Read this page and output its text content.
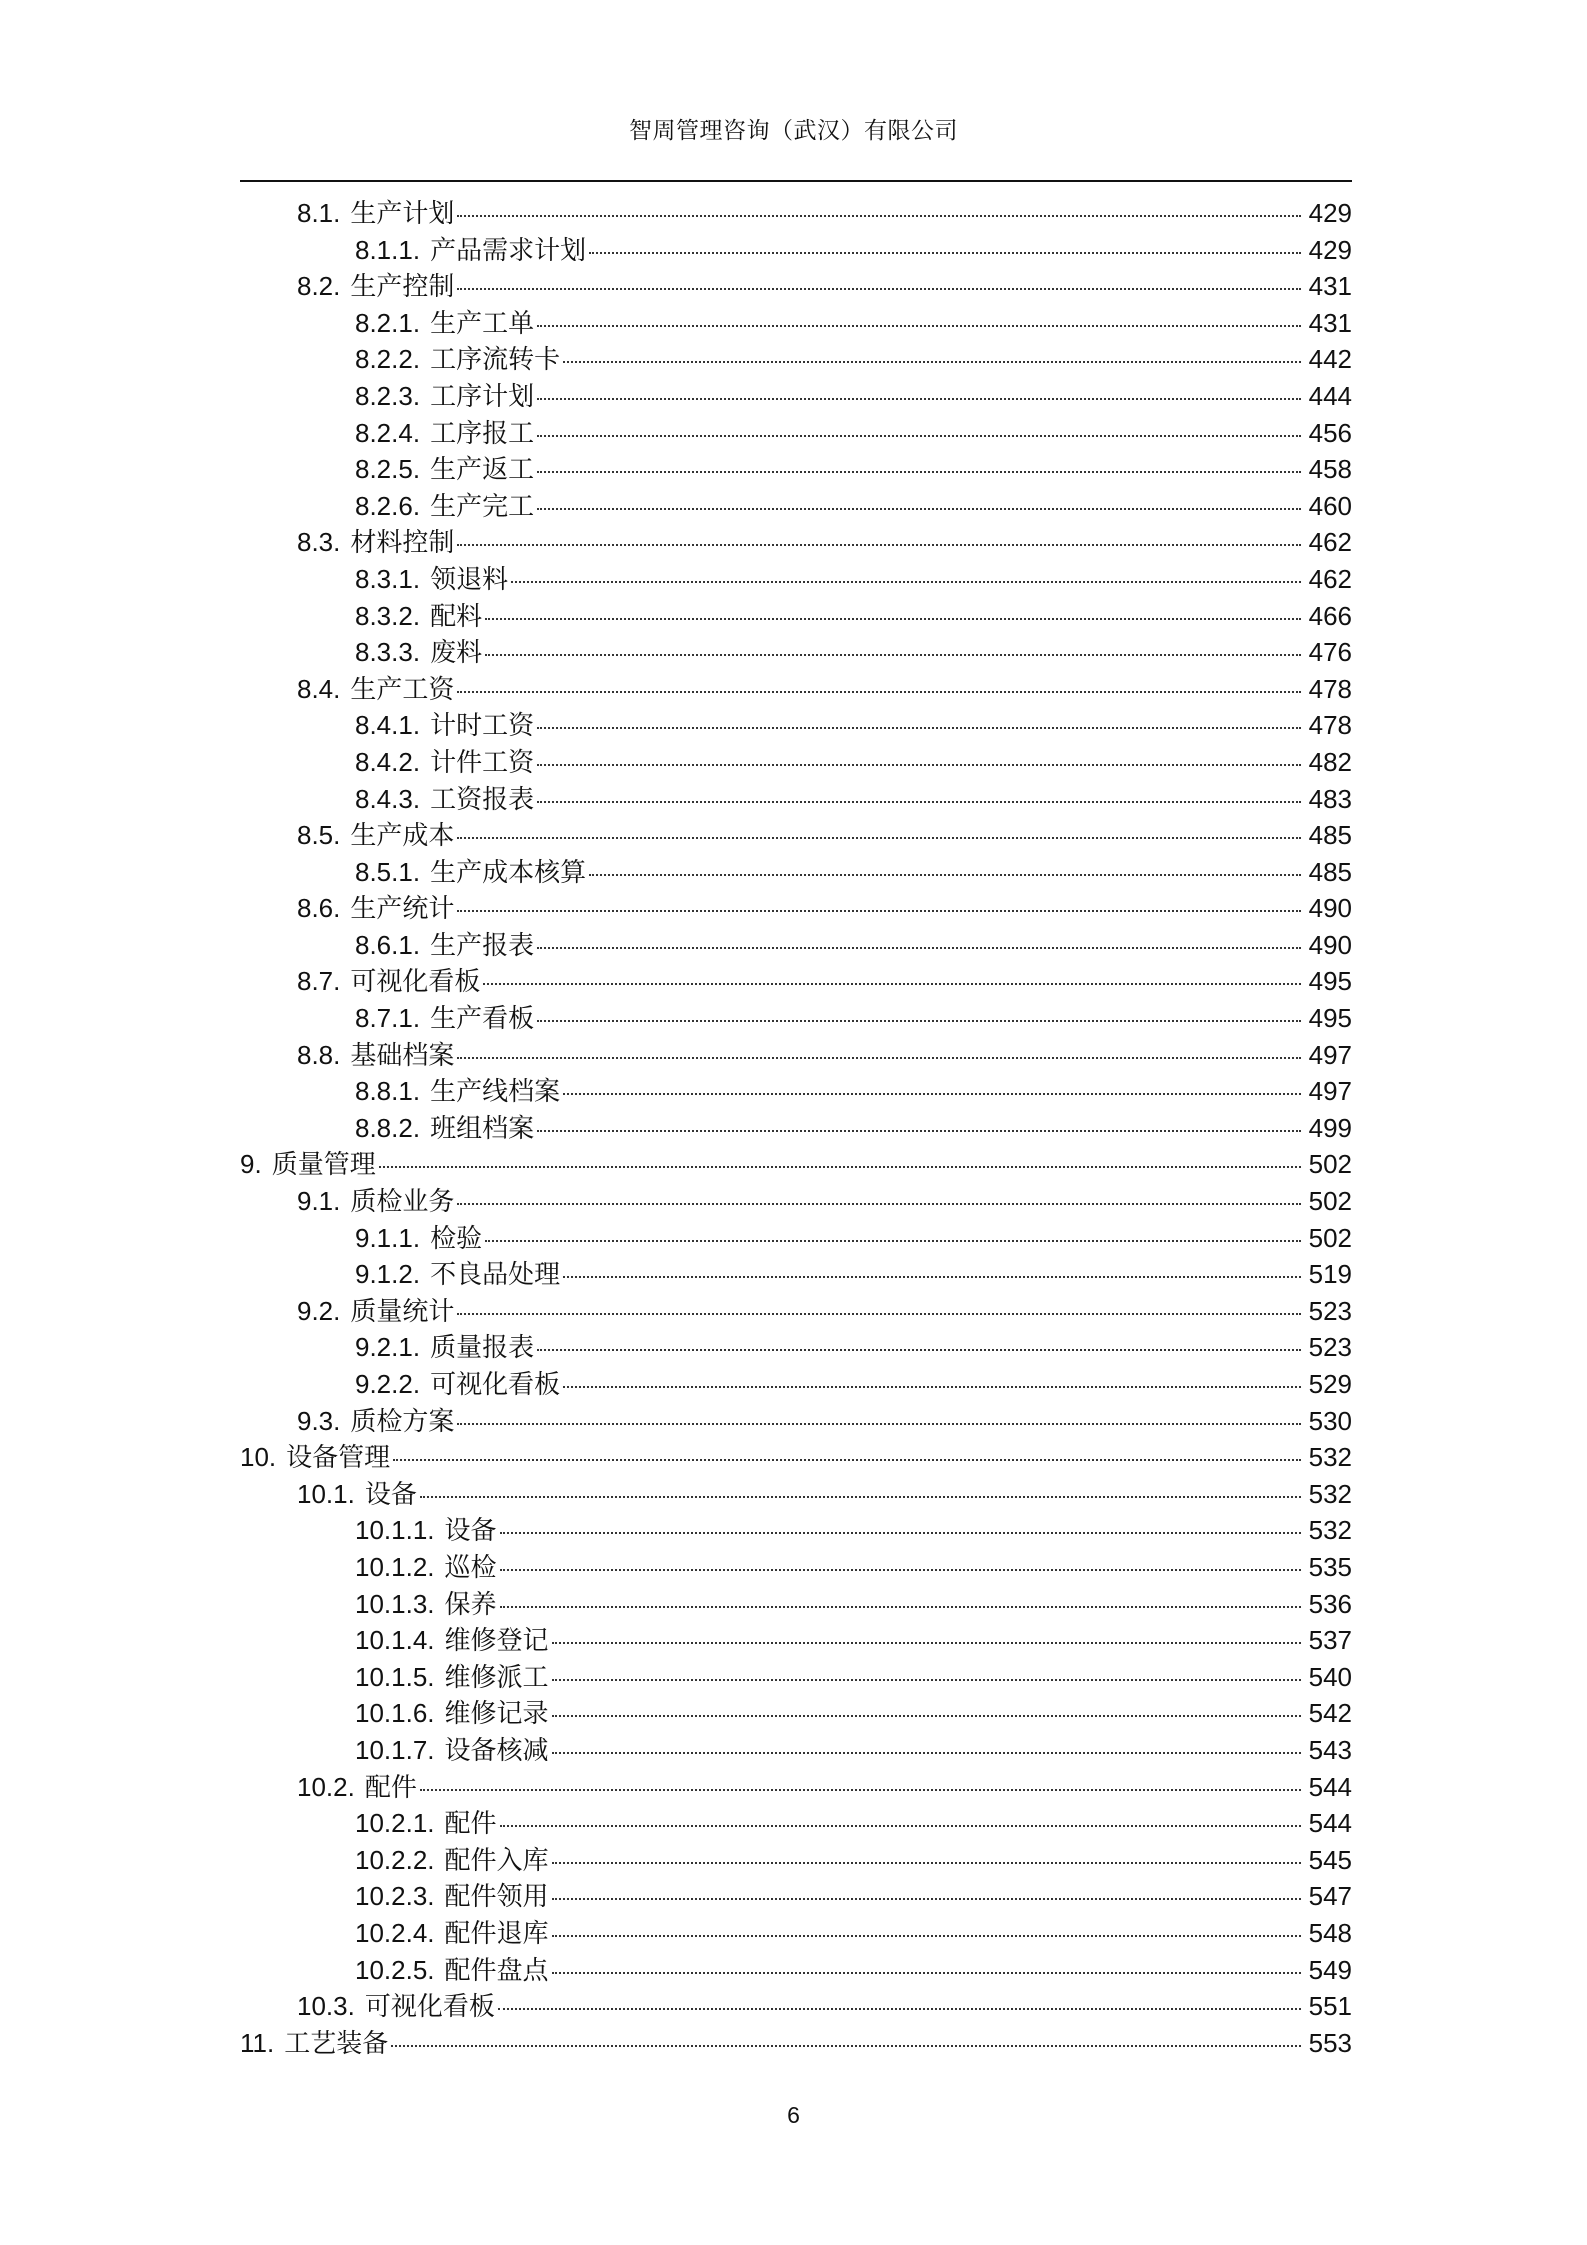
智周管理咨询（武汉）有限公司
8.1. 生产计划	429
8.1.1. 产品需求计划	429
8.2. 生产控制	431
8.2.1. 生产工单	431
8.2.2. 工序流转卡	442
8.2.3. 工序计划	444
8.2.4. 工序报工	456
8.2.5. 生产返工	458
8.2.6. 生产完工	460
8.3. 材料控制	462
8.3.1. 领退料	462
8.3.2. 配料	466
8.3.3. 废料	476
8.4. 生产工资	478
8.4.1. 计时工资	478
8.4.2. 计件工资	482
8.4.3. 工资报表	483
8.5. 生产成本	485
8.5.1. 生产成本核算	485
8.6. 生产统计	490
8.6.1. 生产报表	490
8.7. 可视化看板	495
8.7.1. 生产看板	495
8.8. 基础档案	497
8.8.1. 生产线档案	497
8.8.2. 班组档案	499
9. 质量管理	502
9.1. 质检业务	502
9.1.1. 检验	502
9.1.2. 不良品处理	519
9.2. 质量统计	523
9.2.1. 质量报表	523
9.2.2. 可视化看板	529
9.3. 质检方案	530
10. 设备管理	532
10.1. 设备	532
10.1.1. 设备	532
10.1.2. 巡检	535
10.1.3. 保养	536
10.1.4. 维修登记	537
10.1.5. 维修派工	540
10.1.6. 维修记录	542
10.1.7. 设备核减	543
10.2. 配件	544
10.2.1. 配件	544
10.2.2. 配件入库	545
10.2.3. 配件领用	547
10.2.4. 配件退库	548
10.2.5. 配件盘点	549
10.3. 可视化看板	551
11. 工艺装备	553
6
